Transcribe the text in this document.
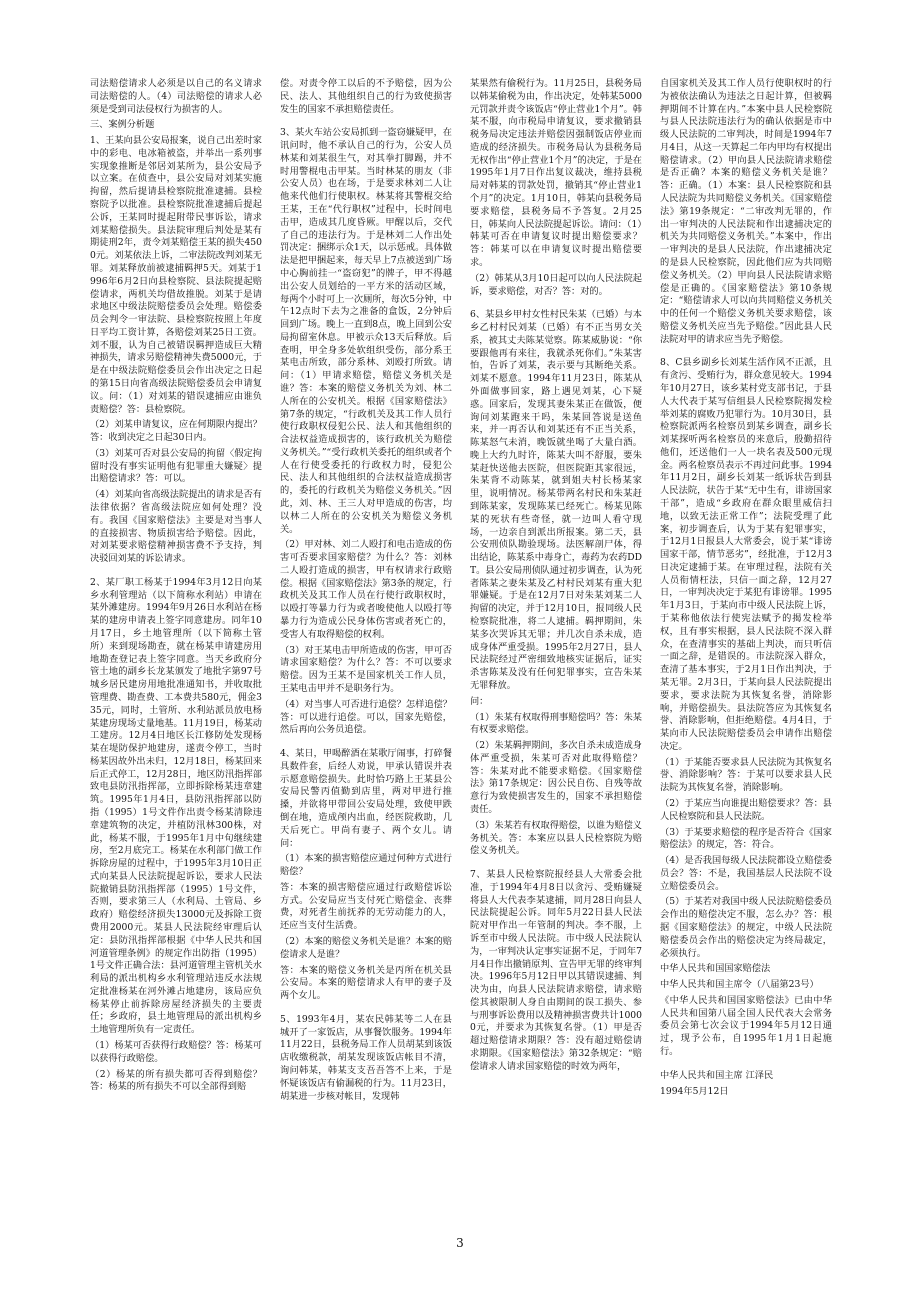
司法赔偿请求人必须是以自己的名义请求司法赔偿的人。（4）司法赔偿的请求人必须是受到司法侵权行为损害的人。

三、案例分析题

1、王某向县公安局报案，说自己出差时家中的彩电、电冰箱被盗，并举出一系列事实现象推断是邻居刘某所为，县公安局予以立案。在侦查中，县公安局对刘某实施拘留，然后提请县检察院批准逮捕。县检察院予以批准。县检察院批准逮捕后提起公诉，王某同时提起附带民事诉讼，请求刘某赔偿损失。县法院审理后判处是某有期徒刑2年，责令刘某赔偿王某的损失4500元。刘某依法上诉，二审法院改判刘某无罪。刘某释放前被逮捕羁押5天。刘某于1996年6月2日向县检察院、县法院提起赔偿请求，两机关均借故推脱。刘某于是请求地区中级法院赔偿委员会处理。赔偿委员会判令一审法院、县检察院按照上年度日平均工资计算，各赔偿刘某25日工资。刘不服，认为自己被错误羁押造成巨大精神损失，请求另赔偿精神失费5000元，于是在中级法院赔偿委员会作出决定之日起的第15日向省高级法院赔偿委员会申请复议。问：（1）对刘某的错误逮捕应由谁负责赔偿？答：县检察院。

（2）刘某申请复议，应在何期限内提出？答：收到决定之日起30日内。

（3）刘某可否对县公安局的拘留〈假定拘留时没有事实证明他有犯罪重大嫌疑〉提出赔偿请求？答：可以。

（4）刘某向省高级法院提出的请求是否有法律依据？省高级法院应如何处理？没有。我国《国家赔偿法》主要是对当事人的直接损害、物质损害给予赔偿。因此，对刘某要求赔偿精神损害费不予支持，判决驳回刘某的诉讼请求。

2、某厂职工杨某于1994年3月12日向某乡水利管理站（以下简称水利站）申请在某外滩建房。1994年9月26日水利站在杨某的建房申请表上签字同意建房。同年10月17日，乡土地管理所（以下简称土管所）来到现场勘查，就在杨某申请建房用地勘查登记表上签字同意。当天乡政府分管土地的副乡长龙某颁发了地批字第97号城乡居民建房用地批准通知书，并收取批管理费、勘查费、工本费共580元，佣金335元，同时，土管所、水利站派员放电杨某建房现场丈量地基。11月19日，杨某动工建房。12月4日地区长江修防处发现杨某在堤防保护地建房，遂责令停工，当时杨某因故外出未归，12月18日，杨某回来后正式停工，12月28日，地区防汛指挥部致电县防汛指挥部，立即拆除杨某违章建筑。1995年1月4日，县防汛指挥部以防指（1995）1号文件作出责令杨某清除违章建筑物的决定，并植防汛林300株，对此，杨某不服，于1995年1月中旬继续建房，至2月底完工。杨某在水利部门做工作拆除房屋的过程中，于1995年3月10日正式向某县人民法院提起诉讼，要求人民法院撤销县防汛指挥部（1995）1号文件，否则，要求第三人（水利局、土管局、乡政府）赔偿经济损失13000元及拆除工资费用2000元。某县人民法院经审理后认定：县防汛指挥部根据《中华人民共和国河道管理条例》的规定作出防指（1995）1号文件正确合法：县河道管理主管机关水利局的派出机构乡水利管理站违反水法规定批准杨某在河外滩占地建房，该局应负杨某停止前拆除房屋经济损失的主要责任；乡政府，县土地管理局的派出机构乡土地管理所负有一定责任。

（1）杨某可否获得行政赔偿？答：杨某可以获得行政赔偿。

（2）杨某的所有损失都可否得到赔偿？答：杨某的所有损失不可以全部得到赔

偿。对责令停工以后的不予赔偿，因为公民、法人、其他组织自己的行为致使损害发生的国家不承担赔偿责任。

3、某火车站公安局抓到一盗窃嫌疑甲，在讯问时，他不承认自己的行为，公安人员林某和刘某很生气，对其拳打脚踢，并不时用警棍电击甲某。当时林某的朋友（非公安人员）也在场，于是要求林刘二人让他来代他们行使职权。林某将其警棍交给王某，王在“代行职权”过程中，长时间电击甲，造成其几度昏厥。甲醒以后，交代了自己的违法行为。于是林刘二人作出处罚决定：捆绑示众1天，以示惩戒。具体做法是把甲捆起来，每天早上7点被送到广场中心胸前挂一“盗窃犯”的牌子，甲不得越出公安人员划给的一平方米的活动区域，每两个小时可上一次厕所，每次5分钟，中午12点时下去为之准备的盒饭，2分钟后回到广场。晚上一直到8点，晚上回到公安局拘留室休息。甲被示众13天后释放。后查明，甲全身多处软组织受伤，部分系王某电击所致，部分系林、刘殴打所致。请问：（1）甲请求赔偿，赔偿义务机关是谁？答：本案的赔偿义务机关为刘、林二人所在的公安机关。根据《国家赔偿法》第7条的规定，“行政机关及其工作人员行使行政职权侵犯公民、法人和其他组织的合法权益造成损害的，该行政机关为赔偿义务机关。”“受行政机关委托的组织或者个人在行使受委托的行政权力时，侵犯公民、法人和其他组织的合法权益造成损害的，委托的行政机关为赔偿义务机关。”因此，刘、林、王三人对甲造成的伤害，均以林二人所在的公安机关为赔偿义务机关。

（2）甲对林、刘二人殴打和电击造成的伤害可否要求国家赔偿？为什么？答：刘林二人殴打造成的损害，甲有权请求行政赔偿。根据《国家赔偿法》第3条的规定，行政机关及其工作人员在行使行政职权时，以殴打等暴力行为或者唆使他人以殴打等暴力行为造成公民身体伤害或者死亡的，受害人有取得赔偿的权利。

（3）对王某电击甲所造成的伤害，甲可否请求国家赔偿？为什么？答：不可以要求赔偿。因为王某不是国家机关工作人员，王某电击甲并不是职务行为。

（4）对当事人可否进行追偿？怎样追偿？答：可以进行追偿。可以，国家先赔偿，然后再向公务员追偿。

4、某日，甲喝醉酒在某歌厅闹事，打碎餐具数件套，后经人劝说，甲承认错误并表示愿意赔偿损失。此时恰巧路上王某县公安局民警丙值勤到店里，两对甲进行推搡，并欲将甲带回公安局处理，致使甲跌倒在地，造成颅内出血，经医院救助，几天后死亡。甲尚有妻子、两个女儿。请问：

（1）本案的损害赔偿应通过何种方式进行赔偿？

答：本案的损害赔偿应通过行政赔偿诉讼方式。公安局应当支付死亡赔偿金、丧葬费，对死者生前抚养的无劳动能力的人，还应当支付生活费。

（2）本案的赔偿义务机关是谁？本案的赔偿请求人是谁？

答：本案的赔偿义务机关是丙所在机关县公安局。本案的赔偿请求人有甲的妻子及两个女儿。

5、1993年4月，某农民韩某等二人在县城开了一家饭店，从事餐饮服务。1994年11月22日，县税务局工作人员胡某到该饭店收缴税款，胡某发现该饭店帐目不清，询问韩某，韩某支支吾吾答不上来，于是怀疑该饭店有偷漏税的行为。11月23日，胡某进一步核对帐目，发现韩

某果然有偷税行为。11月25日，县税务局以韩某偷税为由，作出决定，处韩某5000元罚款并责令该饭店“停止营业1个月”。韩某不服，向市税局申请复议，要求撤销县税务局决定违法并赔偿因强制饭店停业而造成的经济损失。市税务局认为县税务局无权作出“停止营业1个月”的决定，于是在1995年1月7日作出复议裁决，维持县税局对韩某的罚款处罚，撤销其“停止营业1个月”的决定。1月10日，韩某向县税务局要求赔偿，县税务局不予答复。2月25日，韩某向人民法院提起诉讼。请问：（1）韩某可否在申请复议时提出赔偿要求？答：韩某可以在申请复议时提出赔偿要求。

（2）韩某从3月10日起可以向人民法院起诉，要求赔偿，对否？答：对的。

6、某县乡甲村女性村民朱某（已婚）与本乡乙村村民刘某（已婚）有不正当男女关系，被其丈夫陈某觉察。陈某威胁说：“你要跟他再有来往，我就杀死你们。”朱某害怕，告诉了刘某，表示要与其断绝关系。刘某不愿意。1994年11月23日，陈某从外面做事回家，路上遇见刘某，心下疑惑。回家后，发现其妻朱某正在做饭，便询问刘某跑来干吗，朱某回答说是送鱼来，并一再否认和刘某还有不正当关系，陈某怒气未消，晚饭就坐喝了大量白酒。晚上大约九时许，陈某大叫不舒服，要朱某赶快送他去医院，但医院距其家很远，朱某背不动陈某，就到姐夫村长杨某家里，说明情况。杨某带两名村民和朱某赶到陈某家，发现陈某已经死亡。杨某见陈某的死状有些奇怪，就一边叫人看守现场，一边亲自到派出所报案。第二天，县公安刑侦队勘验现场。法医解剖尸体，得出结论，陈某系中毒身亡，毒药为农药DDT。县公安局刑侦队通过初步调查，认为死者陈某之妻朱某及乙村村民刘某有重大犯罪嫌疑。于是在12月7日对朱某刘某二人拘留的决定，并于12月10日，报同级人民检察院批准，将二人逮捕。羁押期间，朱某多次哭诉其无罪；并几次自杀未成，造成身体严重受损。1995年2月27日，县人民法院经过严密细致地核实证据后，证实杀害陈某及没有任何犯罪事实，宣告朱某无罪释放。

问：

（1）朱某有权取得刑事赔偿吗？答：朱某有权要求赔偿。

（2）朱某羁押期间，多次自杀未成造成身体严重受损，朱某可否对此取得赔偿？答：朱某对此不能要求赔偿。《国家赔偿法》第17条规定：因公民自伤、自残等故意行为致使损害发生的，国家不承担赔偿责任。

（3）朱某若有权取得赔偿，以谁为赔偿义务机关。答：本案应以县人民检察院为赔偿义务机关。

7、某县人民检察院报经县人大常委会批准，于1994年4月8日以贪污、受贿嫌疑将县人大代表李某逮捕，同月28日向县人民法院提起公诉。同年5月22日县人民法院对甲作出一年管制的判决。李不服，上诉至市中级人民法院。市中级人民法院认为，一审判决认定事实证据不足，于同年7月4日作出撤销原判、宣告甲无罪的终审判决。1996年5月12日甲以其错误逮捕、判决为由，向县人民法院请求赔偿，请求赔偿其被限制人身自由期间的误工损失、参与刑事诉讼费用以及精神损害费共计10000元，并要求为其恢复名誉。（1）甲是否超过赔偿请求期限？答：没有超过赔偿请求期限。《国家赔偿法》第32条规定：“赔偿请求人请求国家赔偿的时效为两年，

自国家机关及其工作人员行使职权时的行为被依法确认为违法之日起计算，但被羁押期间不计算在内。”本案中县人民检察院与县人民法院违法行为的确认依据是市中级人民法院的二审判决，时间是1994年7月4日，从这一天算起二年内甲均有权提出赔偿请求。（2）甲向县人民法院请求赔偿是否正确？本案的赔偿义务机关是谁？答：正确。（1）本案：县人民检察院和县人民法院为共同赔偿义务机关。《国家赔偿法》第19条规定：“二审改判无罪的，作出一审判决的人民法院和作出逮捕决定的机关为共同赔偿义务机关。”本案中，作出一审判决的是县人民法院，作出逮捕决定的是县人民检察院，因此他们应为共同赔偿义务机关。（2）甲向县人民法院请求赔偿是正确的。《国家赔偿法》第10条规定：“赔偿请求人可以向共同赔偿义务机关中的任何一个赔偿义务机关要求赔偿，该赔偿义务机关应当先予赔偿。”因此县人民法院对甲的请求应当先予赔偿。

8、C县乡副乡长刘某生活作风不正派，且有贪污、受贿行为，群众意见较大。1994年10月27日，该乡某村党支部书记，于县人大代表于某写信组县人民检察院揭发检举刘某的腐败乃犯罪行为。10月30日，县检察院派两名检察员到某乡调查，副乡长刘某探听两名检察员的来意后，殷勤招待他们，还送他们一人一块名表及500元现金。两名检察员表示不再过问此事。1994年11月2日，副乡长刘某一纸诉状告到县人民法院，状告于某“无中生有，诽谤国家干部”，造成“乡政府在群众眼里威信扫地，以致无法正常工作”；法院受理了此案，初步调查后，认为于某有犯罪事实，于12月1日报县人大常委会，说于某“诽谤国家干部，情节恶劣”，经批准，于12月3日决定逮捕于某。在审理过程，法院有关人员衔情枉法，只信一面之辞，12月27日，一审判决决定于某犯有诽谤罪。1995年1月3日，于某向市中级人民法院上诉，于某称他依法行使宪法赋予的揭发检举权，且有事实根据，县人民法院不深入群众，在查清事实的基础上判决，而只听信一面之辞，是错误的。市法院深入群众，查清了基本事实，于2月1日作出判决，于某无罪。2月3日，于某向县人民法院提出要求，要求法院为其恢复名誉，消除影响，并赔偿损失。县法院答应为其恢复名誉、消除影响，但拒绝赔偿。4月4日，于某向市人民法院赔偿委员会申请作出赔偿决定。

（1）于某能否要求县人民法院为其恢复名誉、消除影响？答：于某可以要求县人民法院为其恢复名誉，消除影响。

（2）于某应当向谁提出赔偿要求？答：县人民检察院和县人民法院。

（3）于某要求赔偿的程序是否符合《国家赔偿法》的规定，答：符合。

（4）是否我国每级人民法院都设立赔偿委员会？答：不是，我国基层人民法院不设立赔偿委员会。

（5）于某若对我国中级人民法院赔偿委员会作出的赔偿决定不服，怎么办？答：根据《国家赔偿法》的规定，中级人民法院赔偿委员会作出的赔偿决定为终局裁定，必须执行。

中华人民共和国国家赔偿法

中华人民共和国主席令（八届第23号）

《中华人民共和国国家赔偿法》已由中华人民共和国第八届全国人民代表大会常务委员会第七次会议于1994年5月12日通过，现予公布，自1995年1月1日起施行。

中华人民共和国主席 江泽民

1994年5月12日

3
